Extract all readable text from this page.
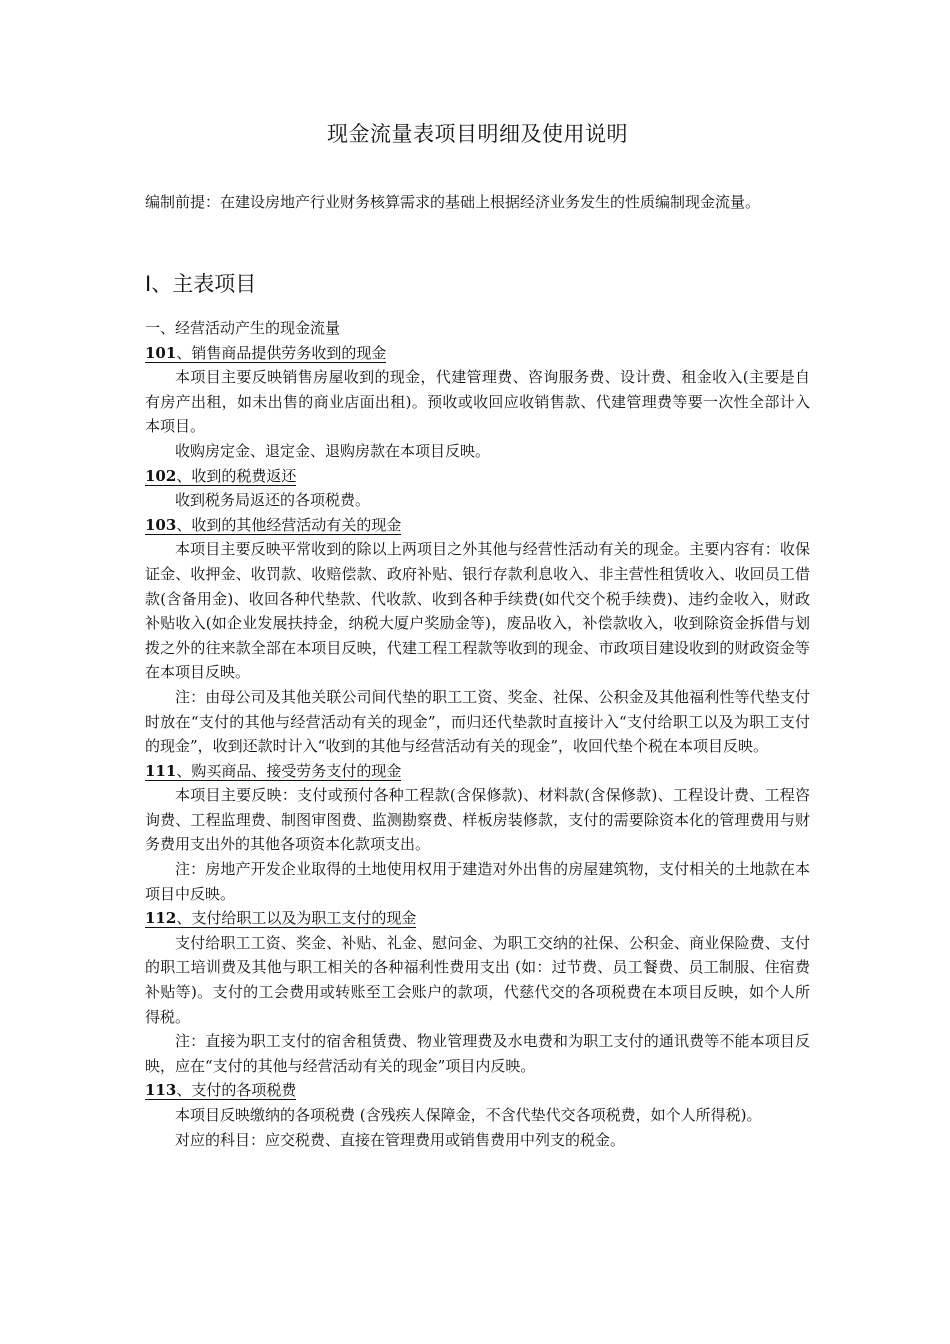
现金流量表项目明细及使用说明

编制前提：在建设房地产行业财务核算需求的基础上根据经济业务发生的性质编制现金流量。

Ⅰ、主表项目

一、经营活动产生的现金流量

101、销售商品提供劳务收到的现金

本项目主要反映销售房屋收到的现金，代建管理费、咨询服务费、设计费、租金收入(主要是自有房产出租，如未出售的商业店面出租)。预收或收回应收销售款、代建管理费等要一次性全部计入本项目。

收购房定金、退定金、退购房款在本项目反映。

102、收到的税费返还

收到税务局返还的各项税费。

103、收到的其他经营活动有关的现金

本项目主要反映平常收到的除以上两项目之外其他与经营性活动有关的现金。主要内容有：收保证金、收押金、收罚款、收赔偿款、政府补贴、银行存款利息收入、非主营性租赁收入、收回员工借款(含备用金)、收回各种代垫款、代收款、收到各种手续费(如代交个税手续费)、违约金收入，财政补贴收入(如企业发展扶持金，纳税大厦户奖励金等)，废品收入，补偿款收入，收到除资金拆借与划拨之外的往来款全部在本项目反映，代建工程工程款等收到的现金、市政项目建设收到的财政资金等在本项目反映。

注：由母公司及其他关联公司间代垫的职工工资、奖金、社保、公积金及其他福利性等代垫支付时放在“支付的其他与经营活动有关的现金”，而归还代垫款时直接计入“支付给职工以及为职工支付的现金”，收到还款时计入“收到的其他与经营活动有关的现金”，收回代垫个税在本项目反映。

111、购买商品、接受劳务支付的现金

本项目主要反映：支付或预付各种工程款(含保修款)、材料款(含保修款)、工程设计费、工程咨询费、工程监理费、制图审图费、监测勘察费、样板房装修款，支付的需要除资本化的管理费用与财务费用支出外的其他各项资本化款项支出。

注：房地产开发企业取得的土地使用权用于建造对外出售的房屋建筑物，支付相关的土地款在本项目中反映。

112、支付给职工以及为职工支付的现金

支付给职工工资、奖金、补贴、礼金、慰问金、为职工交纳的社保、公积金、商业保险费、支付的职工培训费及其他与职工相关的各种福利性费用支出 (如：过节费、员工餐费、员工制服、住宿费补贴等)。支付的工会费用或转账至工会账户的款项，代慈代交的各项税费在本项目反映，如个人所得税。

注：直接为职工支付的宿舍租赁费、物业管理费及水电费和为职工支付的通讯费等不能本项目反映，应在“支付的其他与经营活动有关的现金”项目内反映。

113、支付的各项税费

本项目反映缴纳的各项税费 (含残疾人保障金，不含代垫代交各项税费，如个人所得税)。

对应的科目：应交税费、直接在管理费用或销售费用中列支的税金。
